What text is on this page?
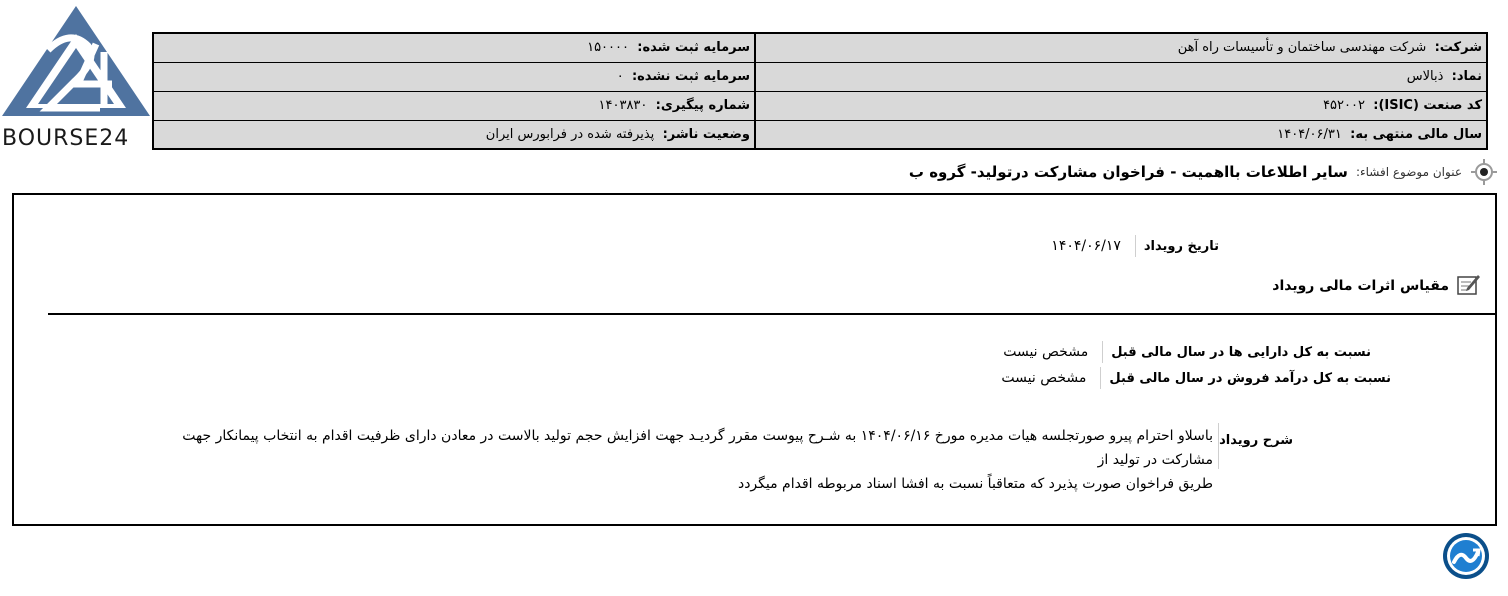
BOURSE24
شرکت:  شرکت مهندسی ساختمان و تأسیسات راه آهن
سرمایه ثبت شده:  ۱۵۰۰۰۰
نماد:  ذبالاس
سرمایه ثبت نشده:  ۰
کد صنعت (ISIC):  ۴۵۲۰۰۲
شماره پیگیری:  ۱۴۰۳۸۳۰
سال مالی منتهی به:  ۱۴۰۴/۰۶/۳۱
وضعیت ناشر:  پذیرفته شده در فرابورس ایران
عنوان موضوع افشاء:
سایر اطلاعات بااهمیت - فراخوان مشارکت درتولید- گروه ب
تاریخ رویداد
۱۴۰۴/۰۶/۱۷
مقیاس اثرات مالی رویداد
نسبت به کل دارایی ها در سال مالی قبل
مشخص نیست
نسبت به کل درآمد فروش در سال مالی قبل
مشخص نیست
شرح رویداد
باسلاو احترام پیرو صورتجلسه هیات مدیره مورخ ۱۴۰۴/۰۶/۱۶ به شـرح پیوست مقرر گردیـد جهت افزایش حجم تولید بالاست در معادن دارای ظرفیت اقدام به انتخاب پیمانکار جهت مشارکت در تولید از
طریق فراخوان صورت پذیرد که متعاقباً نسبت به افشا اسناد مربوطه اقدام میگردد
